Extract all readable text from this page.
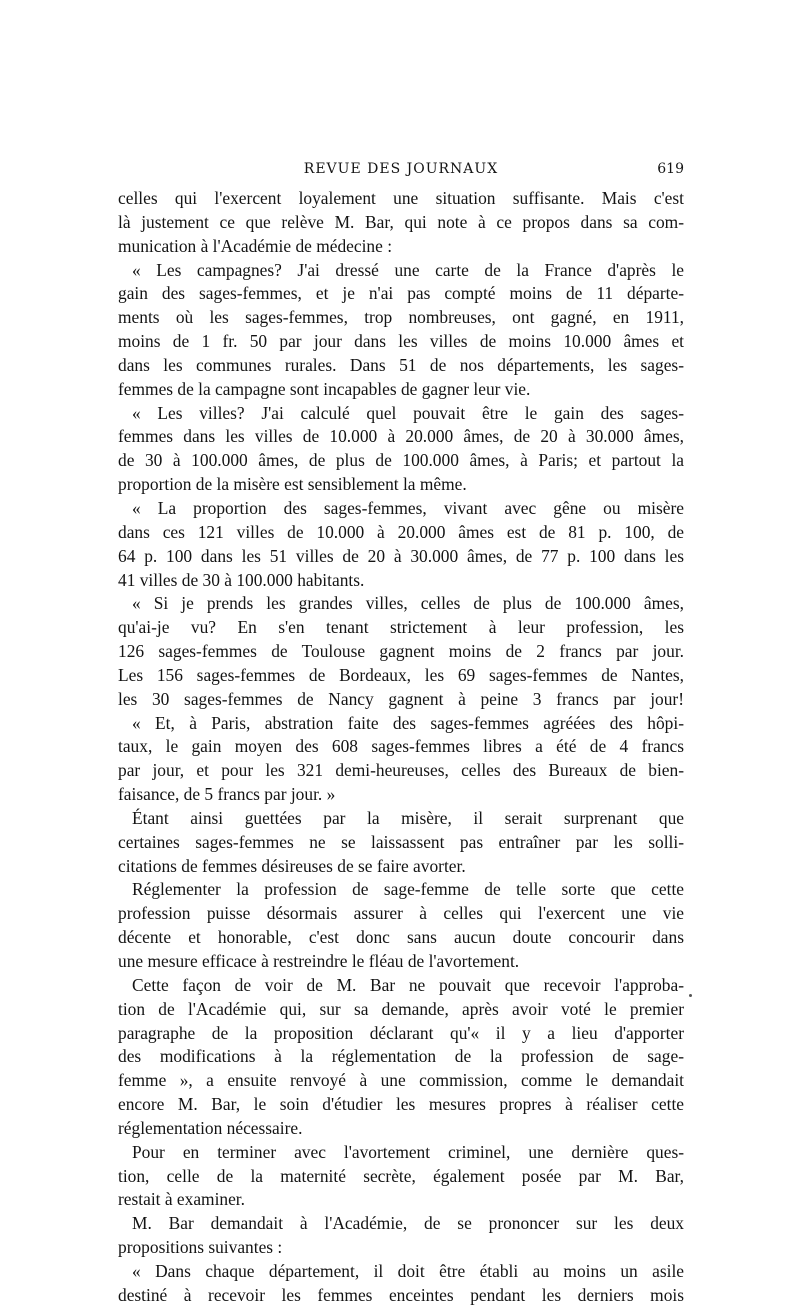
REVUE DES JOURNAUX	619
celles qui l'exercent loyalement une situation suffisante. Mais c'est
là justement ce que relève M. Bar, qui note à ce propos dans sa com-
munication à l'Académie de médecine :
« Les campagnes? J'ai dressé une carte de la France d'après le
gain des sages-femmes, et je n'ai pas compté moins de 11 départe-
ments où les sages-femmes, trop nombreuses, ont gagné, en 1911,
moins de 1 fr. 50 par jour dans les villes de moins 10.000 âmes et
dans les communes rurales. Dans 51 de nos départements, les sages-
femmes de la campagne sont incapables de gagner leur vie.
« Les villes? J'ai calculé quel pouvait être le gain des sages-
femmes dans les villes de 10.000 à 20.000 âmes, de 20 à 30.000 âmes,
de 30 à 100.000 âmes, de plus de 100.000 âmes, à Paris; et partout la
proportion de la misère est sensiblement la même.
« La proportion des sages-femmes, vivant avec gêne ou misère
dans ces 121 villes de 10.000 à 20.000 âmes est de 81 p. 100, de
64 p. 100 dans les 51 villes de 20 à 30.000 âmes, de 77 p. 100 dans les
41 villes de 30 à 100.000 habitants.
« Si je prends les grandes villes, celles de plus de 100.000 âmes,
qu'ai-je vu? En s'en tenant strictement à leur profession, les
126 sages-femmes de Toulouse gagnent moins de 2 francs par jour.
Les 156 sages-femmes de Bordeaux, les 69 sages-femmes de Nantes,
les 30 sages-femmes de Nancy gagnent à peine 3 francs par jour!
« Et, à Paris, abstration faite des sages-femmes agréées des hôpi-
taux, le gain moyen des 608 sages-femmes libres a été de 4 francs
par jour, et pour les 321 demi-heureuses, celles des Bureaux de bien-
faisance, de 5 francs par jour. »
Étant ainsi guettées par la misère, il serait surprenant que
certaines sages-femmes ne se laissassent pas entraîner par les solli-
citations de femmes désireuses de se faire avorter.
Réglementer la profession de sage-femme de telle sorte que cette
profession puisse désormais assurer à celles qui l'exercent une vie
décente et honorable, c'est donc sans aucun doute concourir dans
une mesure efficace à restreindre le fléau de l'avortement.
Cette façon de voir de M. Bar ne pouvait que recevoir l'approba-
tion de l'Académie qui, sur sa demande, après avoir voté le premier
paragraphe de la proposition déclarant qu'« il y a lieu d'apporter
des modifications à la réglementation de la profession de sage-
femme », a ensuite renvoyé à une commission, comme le demandait
encore M. Bar, le soin d'étudier les mesures propres à réaliser cette
réglementation nécessaire.
Pour en terminer avec l'avortement criminel, une dernière ques-
tion, celle de la maternité secrète, également posée par M. Bar,
restait à examiner.
M. Bar demandait à l'Académie, de se prononcer sur les deux
propositions suivantes :
« Dans chaque département, il doit être établi au moins un asile
destiné à recevoir les femmes enceintes pendant les derniers mois
